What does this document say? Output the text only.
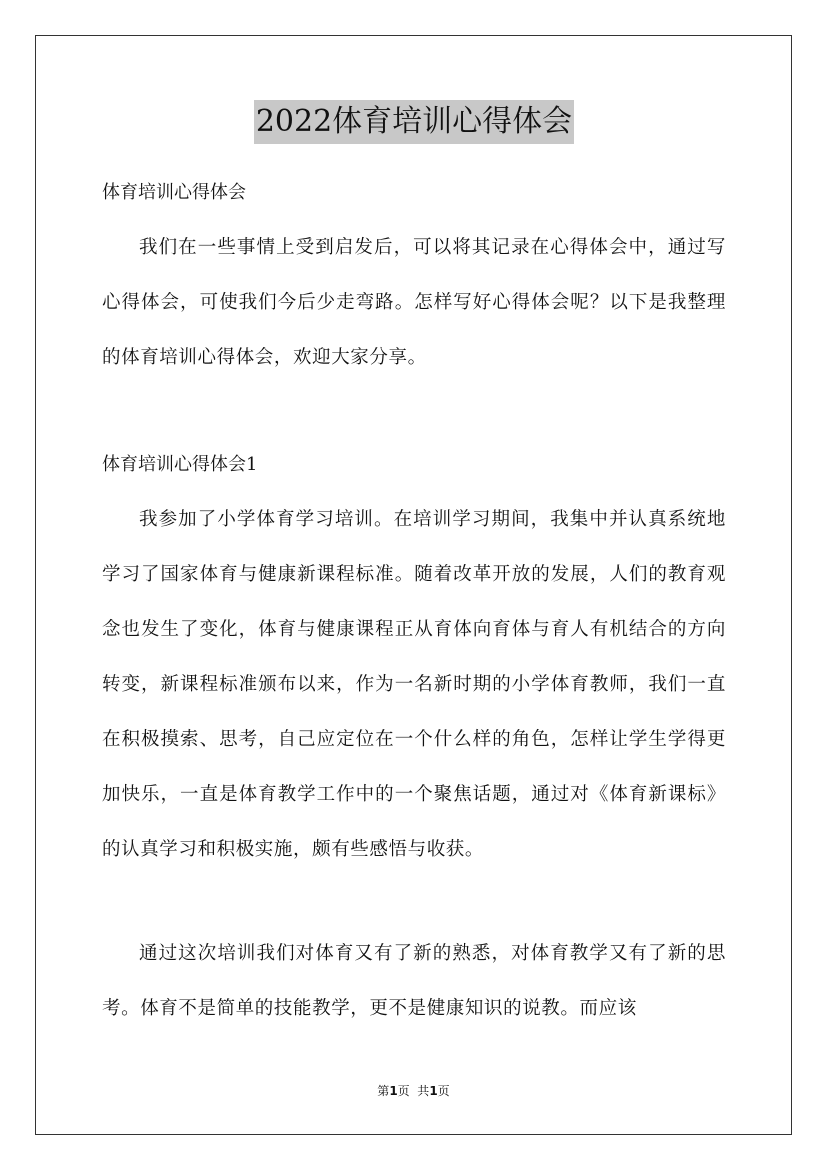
2022体育培训心得体会
体育培训心得体会

我们在一些事情上受到启发后，可以将其记录在心得体会中，通过写心得体会，可使我们今后少走弯路。怎样写好心得体会呢？以下是我整理的体育培训心得体会，欢迎大家分享。

体育培训心得体会1

我参加了小学体育学习培训。在培训学习期间，我集中并认真系统地学习了国家体育与健康新课程标准。随着改革开放的发展，人们的教育观念也发生了变化，体育与健康课程正从育体向育体与育人有机结合的方向转变，新课程标准颁布以来，作为一名新时期的小学体育教师，我们一直在积极摸索、思考，自己应定位在一个什么样的角色，怎样让学生学得更加快乐，一直是体育教学工作中的一个聚焦话题，通过对《体育新课标》的认真学习和积极实施，颇有些感悟与收获。

通过这次培训我们对体育又有了新的熟悉，对体育教学又有了新的思考。体育不是简单的技能教学，更不是健康知识的说教。而应该

第1页  共1页
